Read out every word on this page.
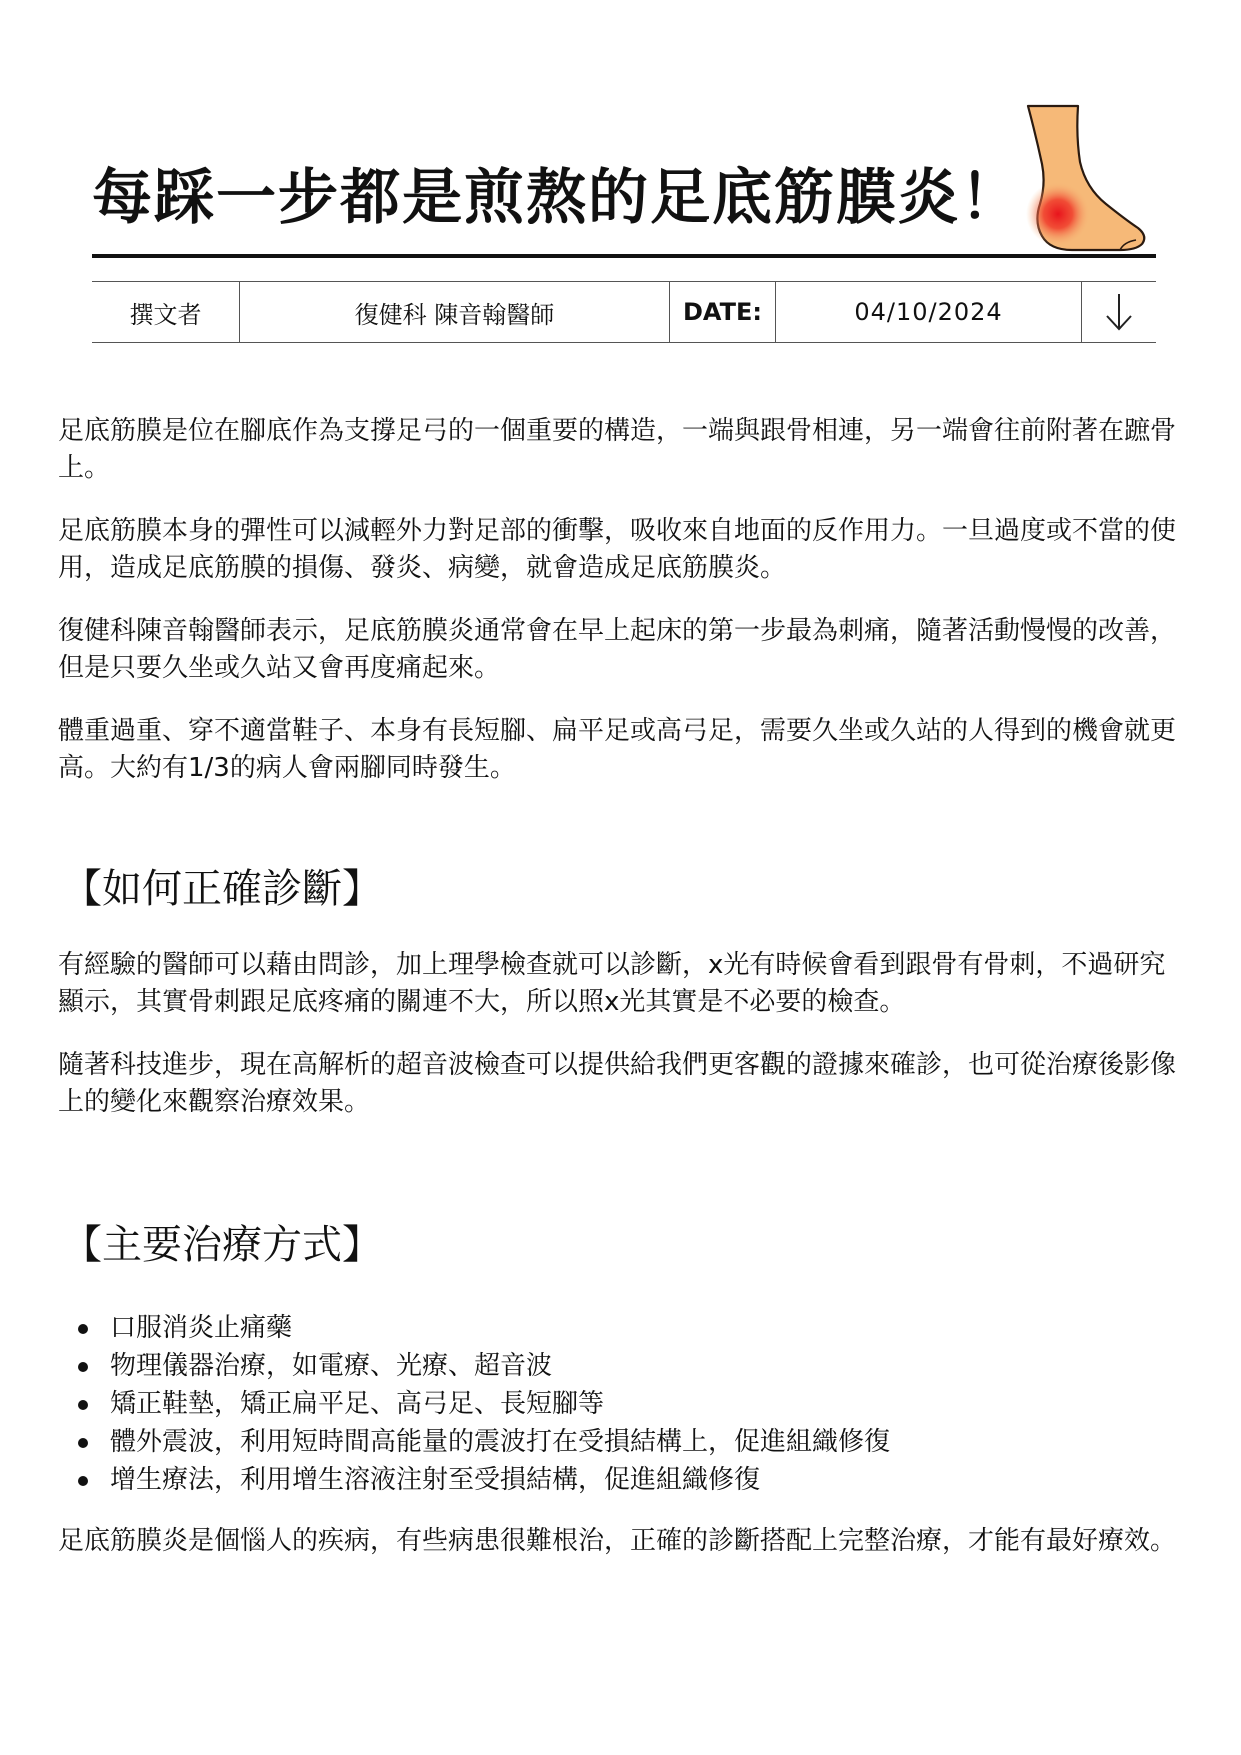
每踩一步都是煎熬的足底筋膜炎！
撰文者	復健科 陳音翰醫師	DATE:	04/10/2024

足底筋膜是位在腳底作為支撐足弓的一個重要的構造，一端與跟骨相連，另一端會往前附著在蹠骨上。

足底筋膜本身的彈性可以減輕外力對足部的衝擊，吸收來自地面的反作用力。一旦過度或不當的使用，造成足底筋膜的損傷、發炎、病變，就會造成足底筋膜炎。

復健科陳音翰醫師表示，足底筋膜炎通常會在早上起床的第一步最為刺痛，隨著活動慢慢的改善，但是只要久坐或久站又會再度痛起來。

體重過重、穿不適當鞋子、本身有長短腳、扁平足或高弓足，需要久坐或久站的人得到的機會就更高。大約有1/3的病人會兩腳同時發生。

【如何正確診斷】

有經驗的醫師可以藉由問診，加上理學檢查就可以診斷，x光有時候會看到跟骨有骨刺，不過研究顯示，其實骨刺跟足底疼痛的關連不大，所以照x光其實是不必要的檢查。

隨著科技進步，現在高解析的超音波檢查可以提供給我們更客觀的證據來確診，也可從治療後影像上的變化來觀察治療效果。

【主要治療方式】
口服消炎止痛藥
物理儀器治療，如電療、光療、超音波
矯正鞋墊，矯正扁平足、高弓足、長短腳等
體外震波，利用短時間高能量的震波打在受損結構上，促進組織修復
增生療法，利用增生溶液注射至受損結構，促進組織修復

足底筋膜炎是個惱人的疾病，有些病患很難根治，正確的診斷搭配上完整治療，才能有最好療效。
